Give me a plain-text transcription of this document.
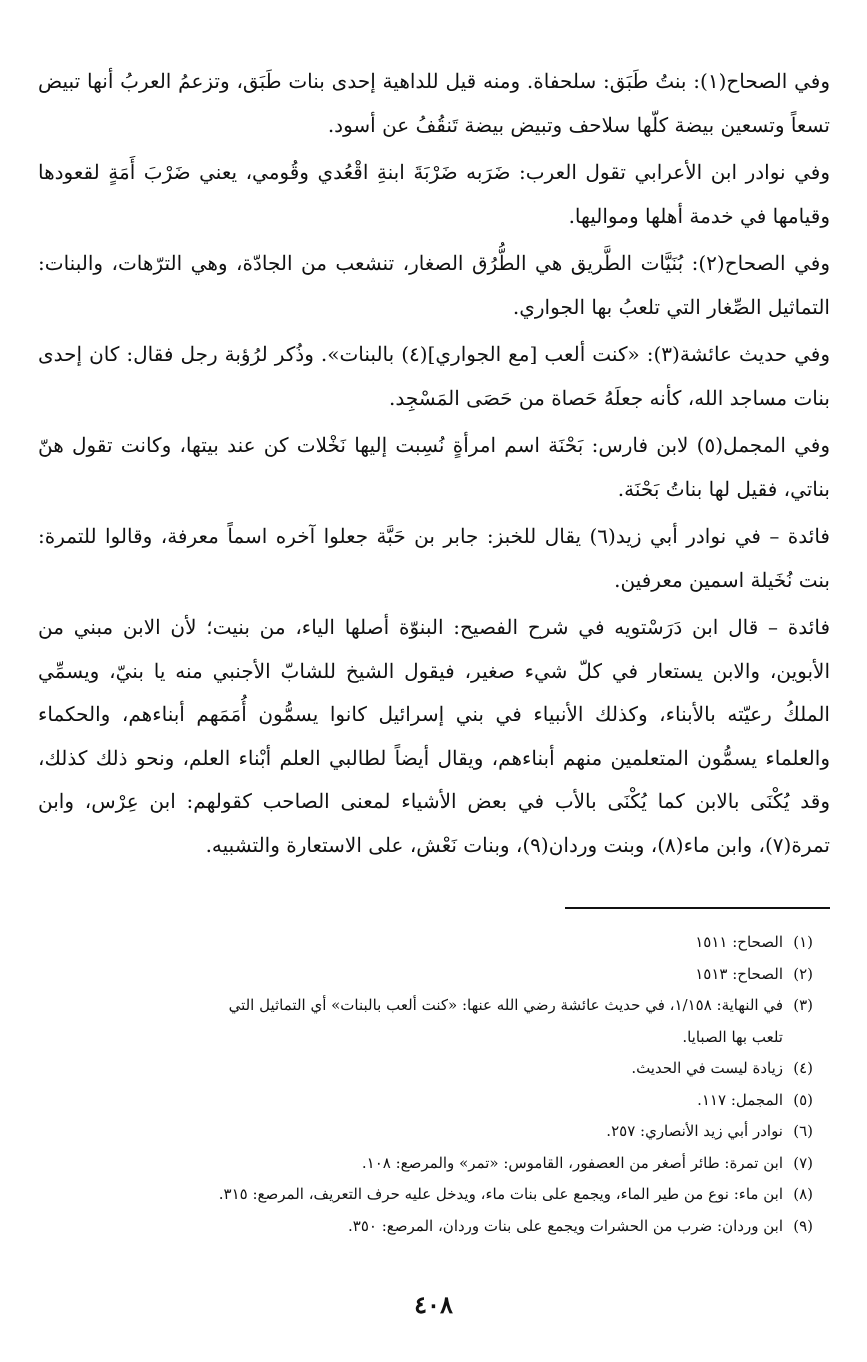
وفي الصحاح(١): بنتُ طَبَق: سلحفاة. ومنه قيل للداهية إحدى بنات طَبَق، وتزعمُ العربُ أنها تبيض تسعاً وتسعين بيضة كلّها سلاحف وتبيض بيضة تَنقُفُ عن أسود.

وفي نوادر ابن الأعرابي تقول العرب: ضَرَبه ضَرْبَةَ ابنةِ اقْعُدي وقُومي، يعني ضَرْبَ أَمَةٍ لقعودها وقيامها في خدمة أهلها ومواليها.

وفي الصحاح(٢): بُنَيَّات الطَّريق هي الطُّرُق الصغار، تنشعب من الجادّة، وهي الترّهات، والبنات: التماثيل الصِّغار التي تلعبُ بها الجواري.

وفي حديث عائشة(٣): «كنت ألعب [مع الجواري](٤) بالبنات». وذُكر لرُؤبة رجل فقال: كان إحدى بنات مساجد الله، كأنه جعلَهُ حَصاة من حَصَى المَسْجِد.

وفي المجمل(٥) لابن فارس: بَحْنَة اسم امرأةٍ نُسِبت إليها نَخْلات كن عند بيتها، وكانت تقول هنّ بناتي، فقيل لها بناتُ بَحْنَة.

فائدة – في نوادر أبي زيد(٦) يقال للخبز: جابر بن حَبَّة جعلوا آخره اسماً معرفة، وقالوا للتمرة: بنت نُخَيلة اسمين معرفين.

فائدة – قال ابن دَرَسْتويه في شرح الفصيح: البنوّة أصلها الياء، من بنيت؛ لأن الابن مبني من الأبوين، والابن يستعار في كلّ شيء صغير، فيقول الشيخ للشابّ الأجنبي منه يا بنيّ، ويسمِّي الملكُ رعيّته بالأبناء، وكذلك الأنبياء في بني إسرائيل كانوا يسمُّون أُمَمَهم أبناءهم، والحكماء والعلماء يسمُّون المتعلمين منهم أبناءهم، ويقال أيضاً لطالبي العلم أبْناء العلم، ونحو ذلك كذلك، وقد يُكْنَى بالابن كما يُكْنَى بالأب في بعض الأشياء لمعنى الصاحب كقولهم: ابن عِرْس، وابن تمرة(٧)، وابن ماء(٨)، وبنت وردان(٩)، وبنات نَعْش، على الاستعارة والتشبيه.

(١)الصحاح: ١٥١١

(٢)الصحاح: ١٥١٣

(٣)في النهاية: ١/١٥٨، في حديث عائشة رضي الله عنها: «كنت ألعب بالبنات» أي التماثيل التي

تلعب بها الصبايا.

(٤)زيادة ليست في الحديث.

(٥)المجمل: ١١٧.

(٦)نوادر أبي زيد الأنصاري: ٢٥٧.

(٧)ابن تمرة: طائر أصغر من العصفور، القاموس: «تمر» والمرصع: ١٠٨.

(٨)ابن ماء: نوع من طير الماء، ويجمع على بنات ماء، ويدخل عليه حرف التعريف، المرصع: ٣١٥.

(٩)ابن وردان: ضرب من الحشرات ويجمع على بنات وردان، المرصع: ٣٥٠.

٤٠٨
